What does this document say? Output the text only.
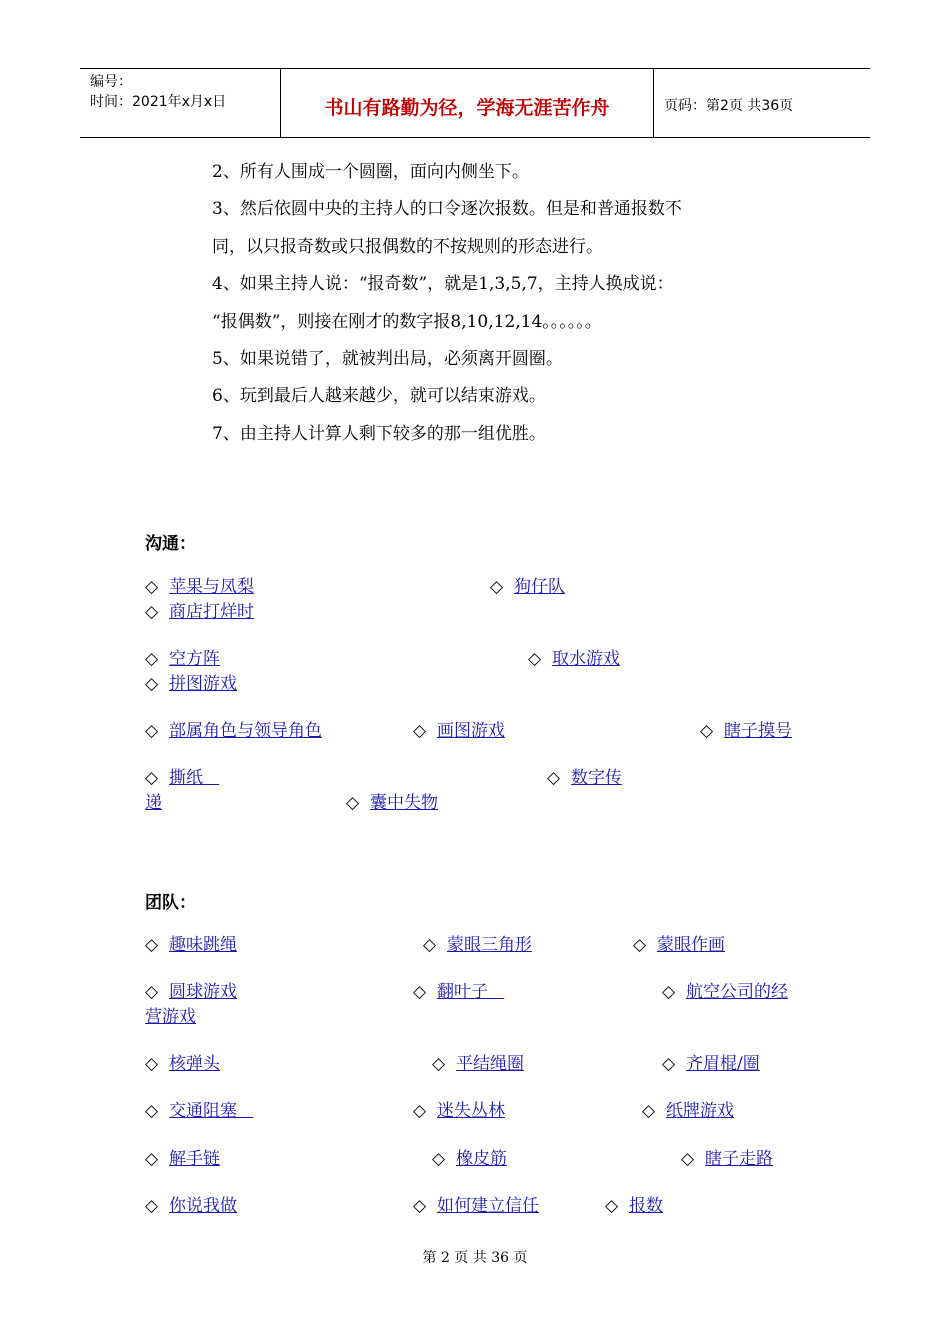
编号：
时间：2021年x月x日	书山有路勤为径，学海无涯苦作舟	页码：第2页 共36页
2、所有人围成一个圆圈，面向内侧坐下。
3、然后依圆中央的主持人的口令逐次报数。但是和普通报数不
同，以只报奇数或只报偶数的不按规则的形态进行。
4、如果主持人说：“报奇数”，就是1,3,5,7，主持人换成说：
“报偶数”，则接在刚才的数字报8,10,12,14。。。。。。
5、如果说错了，就被判出局，必须离开圆圈。
6、玩到最后人越来越少，就可以结束游戏。
7、由主持人计算人剩下较多的那一组优胜。
沟通：
◇ 苹果与凤梨	◇ 狗仔队
◇ 商店打烊时
◇ 空方阵	◇ 取水游戏
◇ 拼图游戏
◇ 部属角色与领导角色	◇ 画图游戏	◇ 瞎子摸号
◇ 撕纸	◇ 数字传
递	◇ 囊中失物
团队：
◇ 趣味跳绳	◇ 蒙眼三角形	◇ 蒙眼作画
◇ 圆球游戏	◇ 翻叶子	◇ 航空公司的经
营游戏
◇ 核弹头	◇ 平结绳圈	◇ 齐眉棍/圈
◇ 交通阻塞	◇ 迷失丛林	◇ 纸牌游戏
◇ 解手链	◇ 橡皮筋	◇ 瞎子走路
◇ 你说我做	◇ 如何建立信任	◇ 报数
第 2 页 共 36 页
